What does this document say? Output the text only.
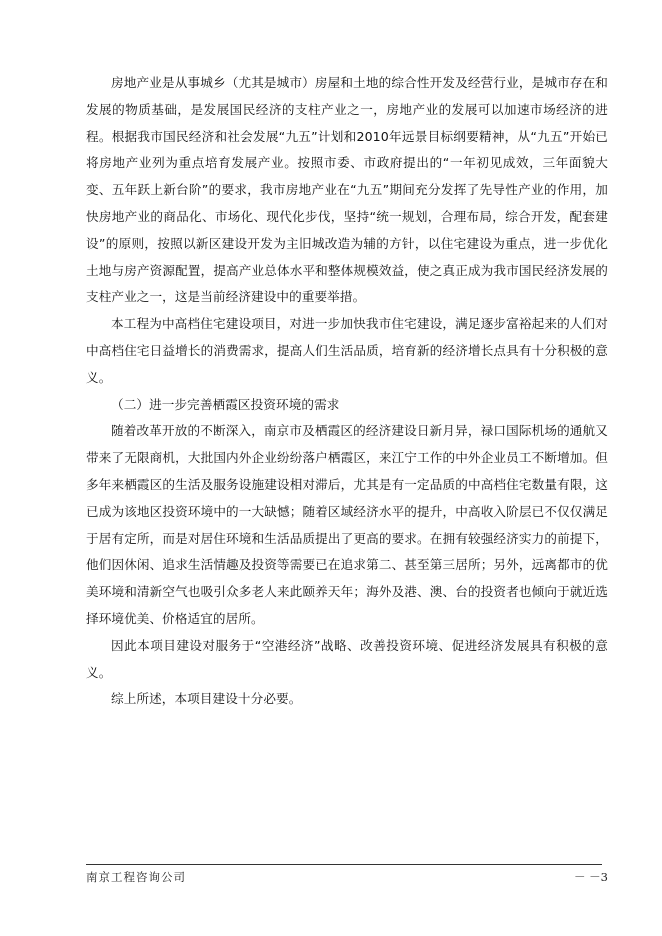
房地产业是从事城乡（尤其是城市）房屋和土地的综合性开发及经营行业，是城市存在和发展的物质基础，是发展国民经济的支柱产业之一，房地产业的发展可以加速市场经济的进程。根据我市国民经济和社会发展“九五”计划和2010年远景目标纲要精神，从“九五”开始已将房地产业列为重点培育发展产业。按照市委、市政府提出的“一年初见成效，三年面貌大变、五年跃上新台阶”的要求，我市房地产业在“九五”期间充分发挥了先导性产业的作用，加快房地产业的商品化、市场化、现代化步伐，坚持“统一规划，合理布局，综合开发，配套建设”的原则，按照以新区建设开发为主旧城改造为辅的方针，以住宅建设为重点，进一步优化土地与房产资源配置，提高产业总体水平和整体规模效益，使之真正成为我市国民经济发展的支柱产业之一，这是当前经济建设中的重要举措。

本工程为中高档住宅建设项目，对进一步加快我市住宅建设，满足逐步富裕起来的人们对中高档住宅日益增长的消费需求，提高人们生活品质，培育新的经济增长点具有十分积极的意义。

（二）进一步完善栖霞区投资环境的需求

随着改革开放的不断深入，南京市及栖霞区的经济建设日新月异，禄口国际机场的通航又带来了无限商机，大批国内外企业纷纷落户栖霞区，来江宁工作的中外企业员工不断增加。但多年来栖霞区的生活及服务设施建设相对滞后，尤其是有一定品质的中高档住宅数量有限，这已成为该地区投资环境中的一大缺憾；随着区域经济水平的提升，中高收入阶层已不仅仅满足于居有定所，而是对居住环境和生活品质提出了更高的要求。在拥有较强经济实力的前提下，他们因休闲、追求生活情趣及投资等需要已在追求第二、甚至第三居所；另外，远离都市的优美环境和清新空气也吸引众多老人来此颐养天年；海外及港、澳、台的投资者也倾向于就近选择环境优美、价格适宜的居所。

因此本项目建设对服务于“空港经济”战略、改善投资环境、促进经济发展具有积极的意义。

综上所述，本项目建设十分必要。

南京工程咨询公司	－ －3
